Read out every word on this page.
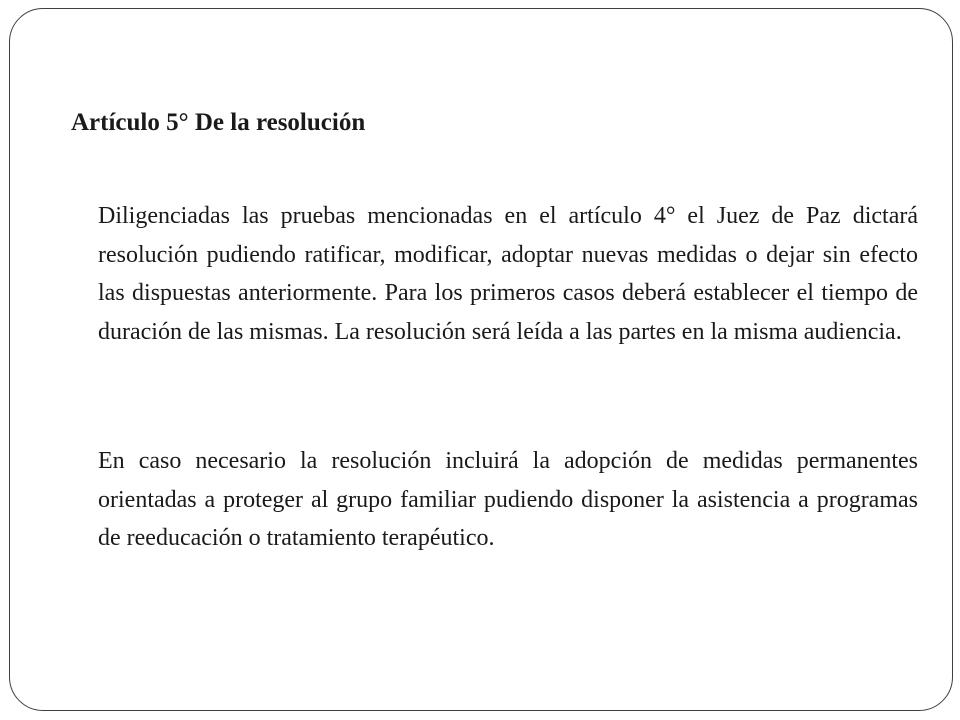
Artículo 5° De la resolución

Diligenciadas las pruebas mencionadas en el artículo 4° el Juez de Paz dictará resolución pudiendo ratificar, modificar, adoptar nuevas medidas o dejar sin efecto las dispuestas anteriormente. Para los primeros casos deberá establecer el tiempo de duración de las mismas. La resolución será leída a las partes en la misma audiencia.

En caso necesario la resolución incluirá la adopción de medidas permanentes orientadas a proteger al grupo familiar pudiendo disponer la asistencia a programas de reeducación o tratamiento terapéutico.
